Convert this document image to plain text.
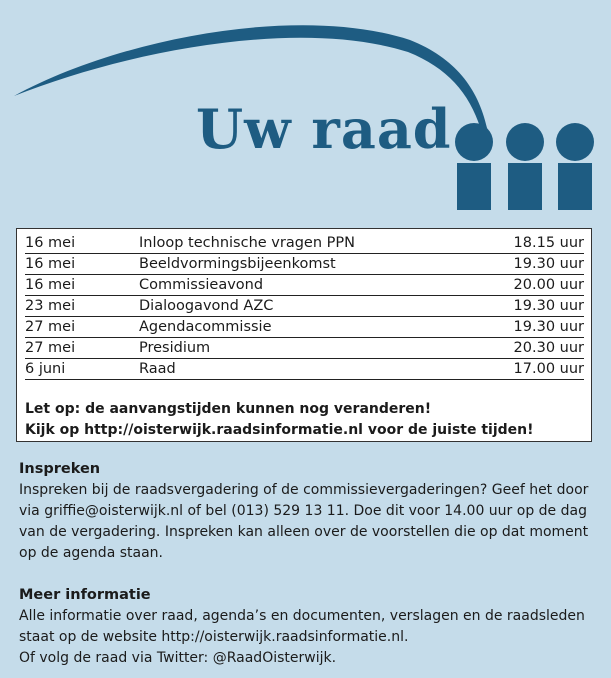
Uw raad
16 mei	Inloop technische vragen PPN	18.15 uur
16 mei	Beeldvormingsbijeenkomst	19.30 uur
16 mei	Commissieavond	20.00 uur
23 mei	Dialoogavond AZC	19.30 uur
27 mei	Agendacommissie	19.30 uur
27 mei	Presidium	20.30 uur
6 juni	Raad	17.00 uur
Let op: de aanvangstijden kunnen nog veranderen!
Kijk op http://oisterwijk.raadsinformatie.nl voor de juiste tijden!
Inspreken

Inspreken bij de raadsvergadering of de commissievergaderingen? Geef het door

via griffie@oisterwijk.nl of bel (013) 529 13 11. Doe dit voor 14.00 uur op de dag

van de vergadering. Inspreken kan alleen over de voorstellen die op dat moment

op de agenda staan.

Meer informatie

Alle informatie over raad, agenda’s en documenten, verslagen en de raadsleden

staat op de website http://oisterwijk.raadsinformatie.nl.

Of volg de raad via Twitter: @RaadOisterwijk.
